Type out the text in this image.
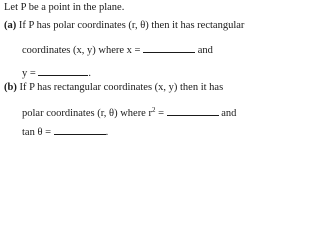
Let P be a point in the plane.
(a) If P has polar coordinates (r, θ) then it has rectangular
coordinates (x, y) where x =	and
y =	.
(b) If P has rectangular coordinates (x, y) then it has
polar coordinates (r, θ) where $r^2$ =	and
tan θ =	.
